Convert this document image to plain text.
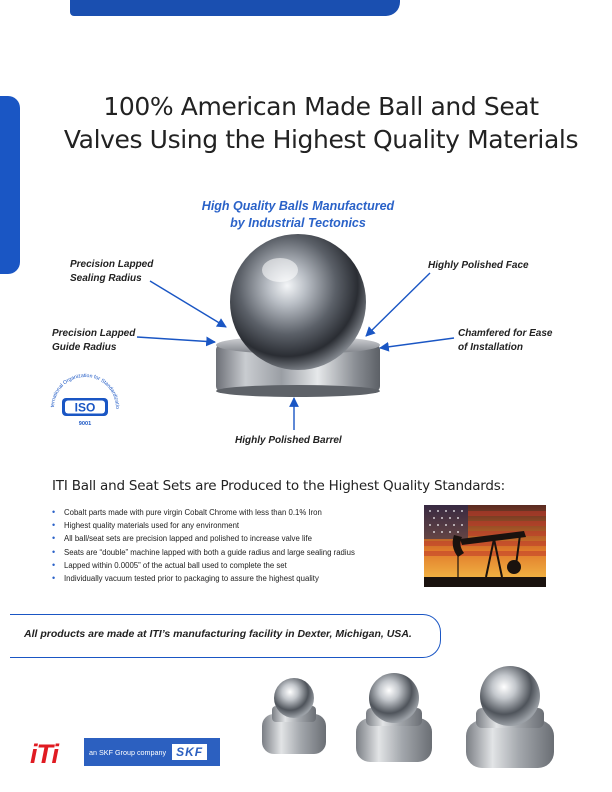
100% American Made Ball and Seat
Valves Using the Highest Quality Materials
High Quality Balls Manufactured
by Industrial Tectonics
Precision Lapped
Sealing Radius
Precision Lapped
Guide Radius
Highly Polished Face
Chamfered for Ease
of Installation
Highly Polished Barrel
ternational Organization for Standardizatio
ISO
9001
ITI Ball and Seat Sets are Produced to the Highest Quality Standards:
• Cobalt parts made with pure virgin Cobalt Chrome with less than 0.1% Iron
• Highest quality materials used for any environment
• All ball/seat sets are precision lapped and polished to increase valve life
• Seats are “double” machine lapped with both a guide radius and large sealing radius
• Lapped within 0.0005” of the actual ball used to complete the set
• Individually vacuum tested prior to packaging to assure the highest quality
All products are made at ITI’s manufacturing facility in Dexter, Michigan, USA.
iTi	an SKF Group company SKF
